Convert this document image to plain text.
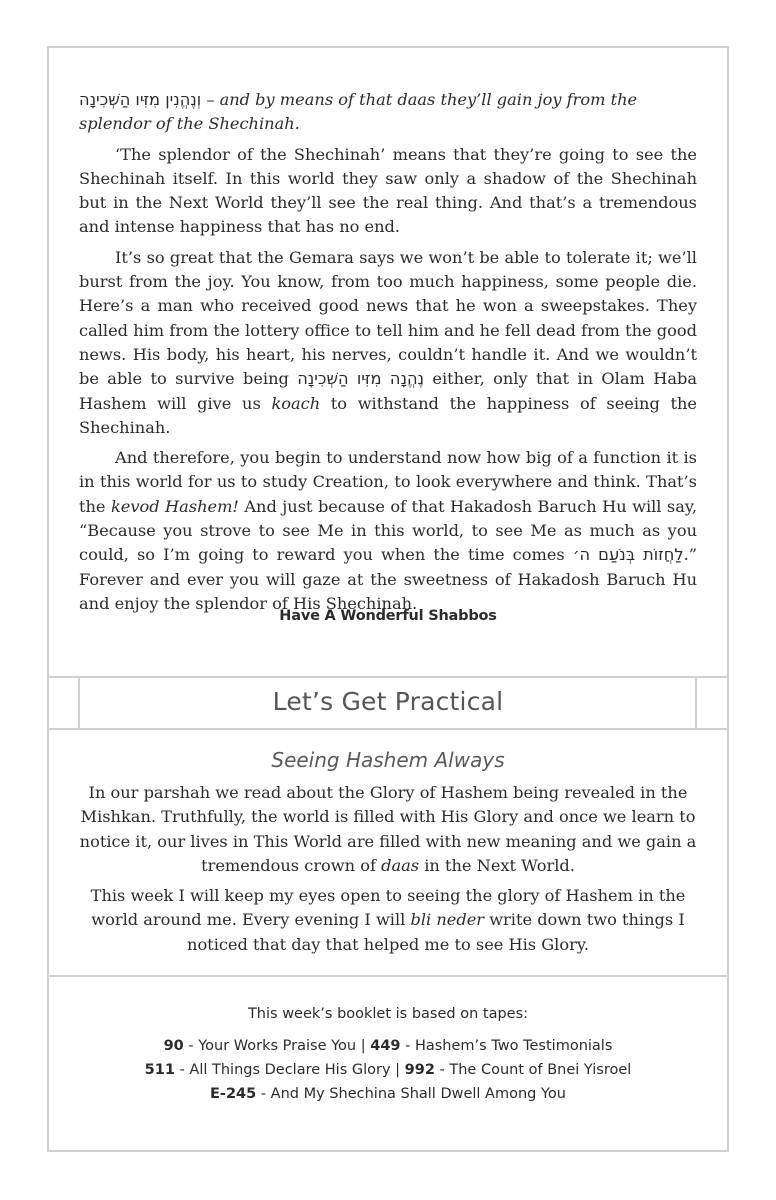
וְנֶהֱנִין מִזִּיו הַשְּׁכִינָה – and by means of that daas they’ll gain joy from the splendor of the Shechinah.

‘The splendor of the Shechinah’ means that they’re going to see the Shechinah itself. In this world they saw only a shadow of the Shechinah but in the Next World they’ll see the real thing. And that’s a tremendous and intense happiness that has no end.

It’s so great that the Gemara says we won’t be able to tolerate it; we’ll burst from the joy. You know, from too much happiness, some people die. Here’s a man who received good news that he won a sweepstakes. They called him from the lottery office to tell him and he fell dead from the good news. His body, his heart, his nerves, couldn’t handle it. And we wouldn’t be able to survive being נֶהֱנָה מִזִּיו הַשְּׁכִינָה either, only that in Olam Haba Hashem will give us koach to withstand the happiness of seeing the Shechinah.

And therefore, you begin to understand now how big of a function it is in this world for us to study Creation, to look everywhere and think. That’s the kevod Hashem! And just because of that Hakadosh Baruch Hu will say, “Because you strove to see Me in this world, to see Me as much as you could, so I’m going to reward you when the time comes לַחֲזוֹת בְּנֹעַם ה׳.” Forever and ever you will gaze at the sweetness of Hakadosh Baruch Hu and enjoy the splendor of His Shechinah.

Have A Wonderful Shabbos
Let’s Get Practical
Seeing Hashem Always

In our parshah we read about the Glory of Hashem being revealed in the Mishkan. Truthfully, the world is filled with His Glory and once we learn to notice it, our lives in This World are filled with new meaning and we gain a tremendous crown of daas in the Next World.

This week I will keep my eyes open to seeing the glory of Hashem in the world around me. Every evening I will bli neder write down two things I noticed that day that helped me to see His Glory.

This week’s booklet is based on tapes:
90 - Your Works Praise You | 449 - Hashem’s Two Testimonials
511 - All Things Declare His Glory | 992 - The Count of Bnei Yisroel
E-245 - And My Shechina Shall Dwell Among You
